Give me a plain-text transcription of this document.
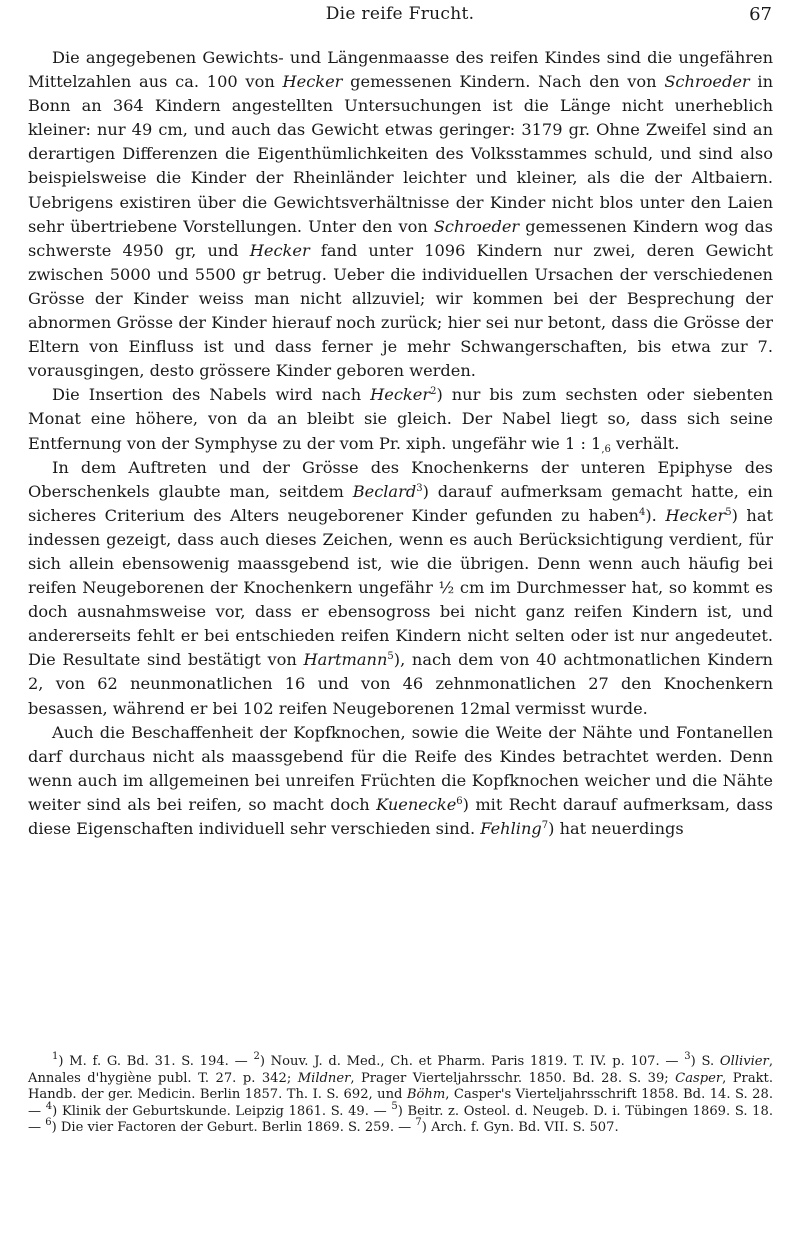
Die reife Frucht.	67

Die angegebenen Gewichts- und Längenmaasse des reifen Kindes sind die ungefähren Mittelzahlen aus ca. 100 von Hecker gemessenen Kindern. Nach den von Schroeder in Bonn an 364 Kindern angestellten Untersuchungen ist die Länge nicht unerheblich kleiner: nur 49 cm, und auch das Gewicht etwas geringer: 3179 gr. Ohne Zweifel sind an derartigen Differenzen die Eigenthümlichkeiten des Volksstammes schuld, und sind also beispielsweise die Kinder der Rheinländer leichter und kleiner, als die der Altbaiern. Uebrigens existiren über die Gewichtsverhältnisse der Kinder nicht blos unter den Laien sehr übertriebene Vorstellungen. Unter den von Schroeder gemessenen Kindern wog das schwerste 4950 gr, und Hecker fand unter 1096 Kindern nur zwei, deren Gewicht zwischen 5000 und 5500 gr betrug. Ueber die individuellen Ursachen der verschiedenen Grösse der Kinder weiss man nicht allzuviel; wir kommen bei der Besprechung der abnormen Grösse der Kinder hierauf noch zurück; hier sei nur betont, dass die Grösse der Eltern von Einfluss ist und dass ferner je mehr Schwangerschaften, bis etwa zur 7. vorausgingen, desto grössere Kinder geboren werden.

Die Insertion des Nabels wird nach Hecker$^2$) nur bis zum sechsten oder siebenten Monat eine höhere, von da an bleibt sie gleich. Der Nabel liegt so, dass sich seine Entfernung von der Symphyse zu der vom Pr. xiph. ungefähr wie 1 : $1_{,6}$ verhält.

In dem Auftreten und der Grösse des Knochenkerns der unteren Epiphyse des Oberschenkels glaubte man, seitdem Beclard$^3$) darauf aufmerksam gemacht hatte, ein sicheres Criterium des Alters neugeborener Kinder gefunden zu haben$^4$). Hecker$^5$) hat indessen gezeigt, dass auch dieses Zeichen, wenn es auch Berücksichtigung verdient, für sich allein ebensowenig maassgebend ist, wie die übrigen. Denn wenn auch häufig bei reifen Neugeborenen der Knochenkern ungefähr ½ cm im Durchmesser hat, so kommt es doch ausnahmsweise vor, dass er ebensogross bei nicht ganz reifen Kindern ist, und andererseits fehlt er bei entschieden reifen Kindern nicht selten oder ist nur angedeutet. Die Resultate sind bestätigt von Hartmann$^5$), nach dem von 40 achtmonatlichen Kindern 2, von 62 neunmonatlichen 16 und von 46 zehnmonatlichen 27 den Knochenkern besassen, während er bei 102 reifen Neugeborenen 12mal vermisst wurde.

Auch die Beschaffenheit der Kopfknochen, sowie die Weite der Nähte und Fontanellen darf durchaus nicht als maassgebend für die Reife des Kindes betrachtet werden. Denn wenn auch im allgemeinen bei unreifen Früchten die Kopfknochen weicher und die Nähte weiter sind als bei reifen, so macht doch Kuenecke$^6$) mit Recht darauf aufmerksam, dass diese Eigenschaften individuell sehr verschieden sind. Fehling$^7$) hat neuerdings

$^1$) M. f. G. Bd. 31. S. 194. — $^2$) Nouv. J. d. Med., Ch. et Pharm. Paris 1819. T. IV. p. 107. — $^3$) S. Ollivier, Annales d'hygiène publ. T. 27. p. 342; Mildner, Prager Vierteljahrsschr. 1850. Bd. 28. S. 39; Casper, Prakt. Handb. der ger. Medicin. Berlin 1857. Th. I. S. 692, und Böhm, Casper's Vierteljahrsschrift 1858. Bd. 14. S. 28. — $^4$) Klinik der Geburtskunde. Leipzig 1861. S. 49. — $^5$) Beitr. z. Osteol. d. Neugeb. D. i. Tübingen 1869. S. 18. — $^6$) Die vier Factoren der Geburt. Berlin 1869. S. 259. — $^7$) Arch. f. Gyn. Bd. VII. S. 507.
